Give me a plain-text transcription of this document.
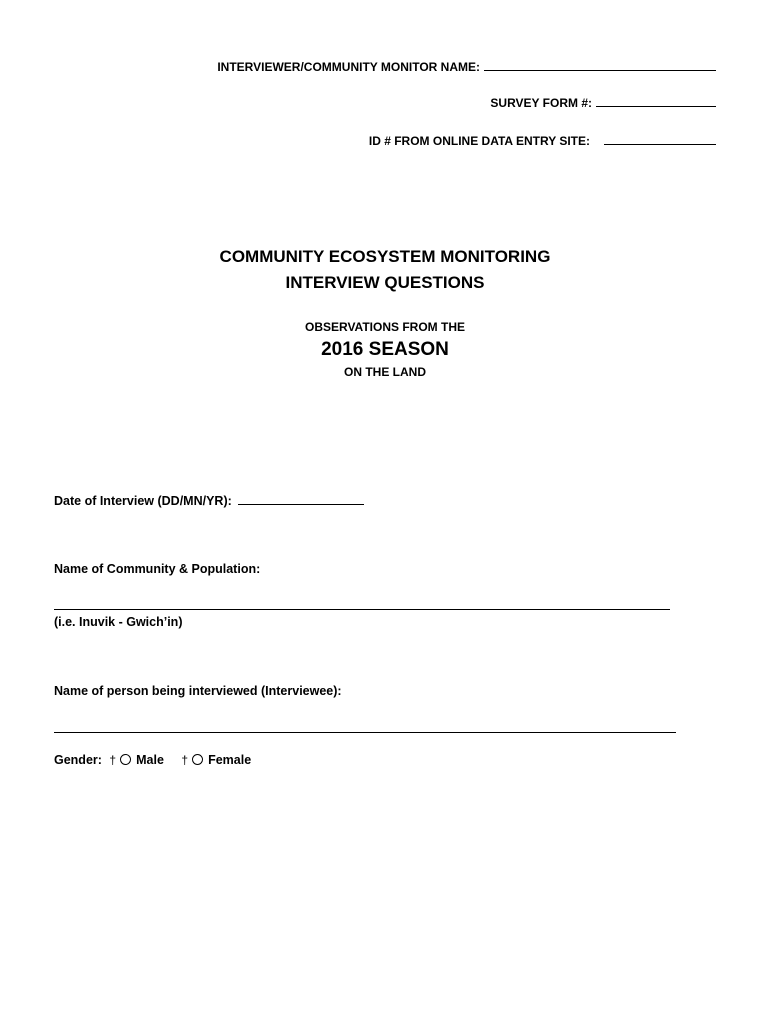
INTERVIEWER/COMMUNITY MONITOR NAME:
SURVEY FORM #:
ID # FROM ONLINE DATA ENTRY SITE:
COMMUNITY ECOSYSTEM MONITORING
INTERVIEW QUESTIONS
OBSERVATIONS FROM THE
2016 SEASON
ON THE LAND
Date of Interview (DD/MN/YR):
Name of Community & Population:
(i.e. Inuvik - Gwich’in)
Name of person being interviewed (Interviewee):
Gender: † Male † Female
